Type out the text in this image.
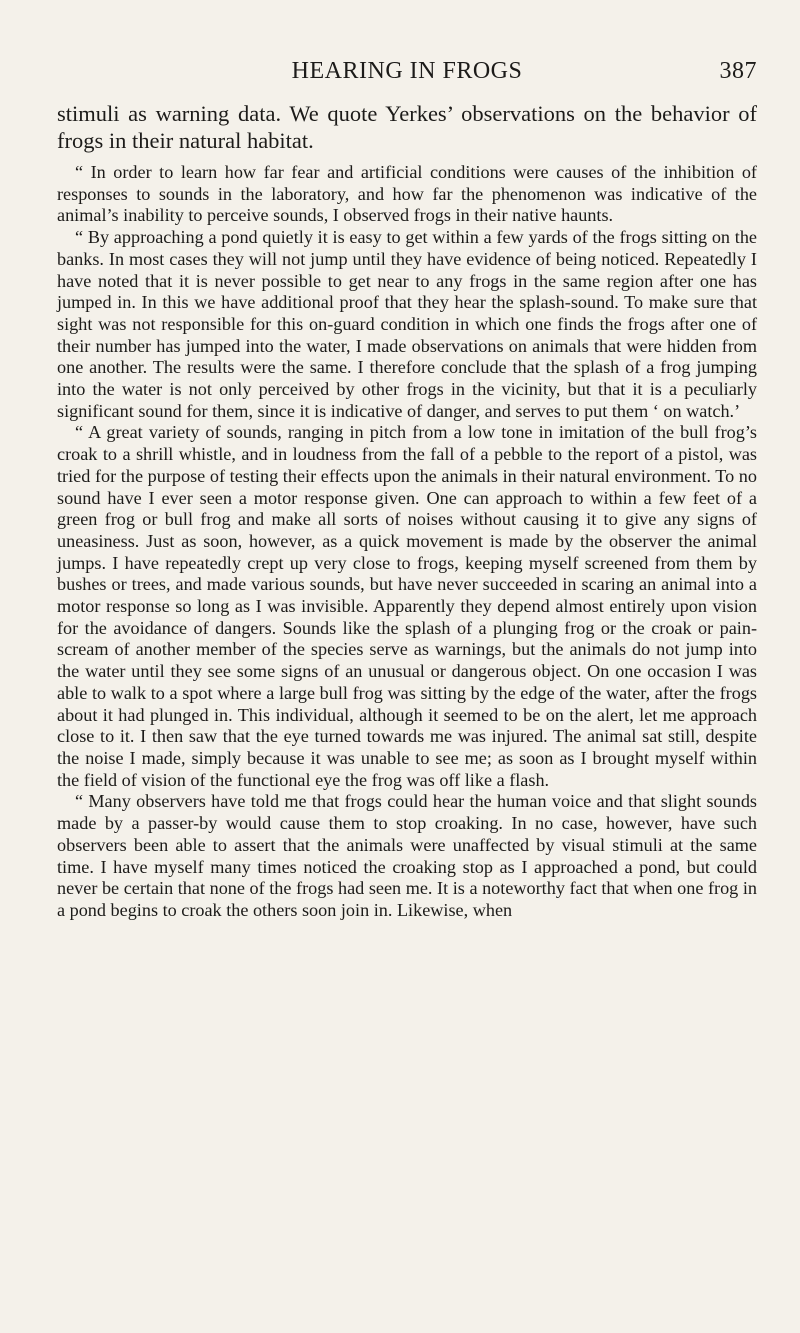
HEARING IN FROGS	387
stimuli as warning data. We quote Yerkes’ observations on the behavior of frogs in their natural habitat.

“ In order to learn how far fear and artificial conditions were causes of the inhibition of responses to sounds in the laboratory, and how far the phenomenon was indicative of the animal’s inability to perceive sounds, I observed frogs in their native haunts.

“ By approaching a pond quietly it is easy to get within a few yards of the frogs sitting on the banks. In most cases they will not jump until they have evidence of being noticed. Repeatedly I have noted that it is never possible to get near to any frogs in the same region after one has jumped in. In this we have additional proof that they hear the splash-sound. To make sure that sight was not responsible for this on-guard condition in which one finds the frogs after one of their number has jumped into the water, I made observations on animals that were hidden from one another. The results were the same. I therefore conclude that the splash of a frog jumping into the water is not only perceived by other frogs in the vicinity, but that it is a peculiarly significant sound for them, since it is indicative of danger, and serves to put them ‘ on watch.’

“ A great variety of sounds, ranging in pitch from a low tone in imitation of the bull frog’s croak to a shrill whistle, and in loudness from the fall of a pebble to the report of a pistol, was tried for the purpose of testing their effects upon the animals in their natural environment. To no sound have I ever seen a motor response given. One can approach to within a few feet of a green frog or bull frog and make all sorts of noises without causing it to give any signs of uneasiness. Just as soon, however, as a quick movement is made by the observer the animal jumps. I have repeatedly crept up very close to frogs, keeping myself screened from them by bushes or trees, and made various sounds, but have never succeeded in scaring an animal into a motor response so long as I was invisible. Apparently they depend almost entirely upon vision for the avoidance of dangers. Sounds like the splash of a plunging frog or the croak or pain-scream of another member of the species serve as warnings, but the animals do not jump into the water until they see some signs of an unusual or dangerous object. On one occasion I was able to walk to a spot where a large bull frog was sitting by the edge of the water, after the frogs about it had plunged in. This individual, although it seemed to be on the alert, let me approach close to it. I then saw that the eye turned towards me was injured. The animal sat still, despite the noise I made, simply because it was unable to see me; as soon as I brought myself within the field of vision of the functional eye the frog was off like a flash.

“ Many observers have told me that frogs could hear the human voice and that slight sounds made by a passer-by would cause them to stop croaking. In no case, however, have such observers been able to assert that the animals were unaffected by visual stimuli at the same time. I have myself many times noticed the croaking stop as I approached a pond, but could never be certain that none of the frogs had seen me. It is a noteworthy fact that when one frog in a pond begins to croak the others soon join in. Likewise, when
